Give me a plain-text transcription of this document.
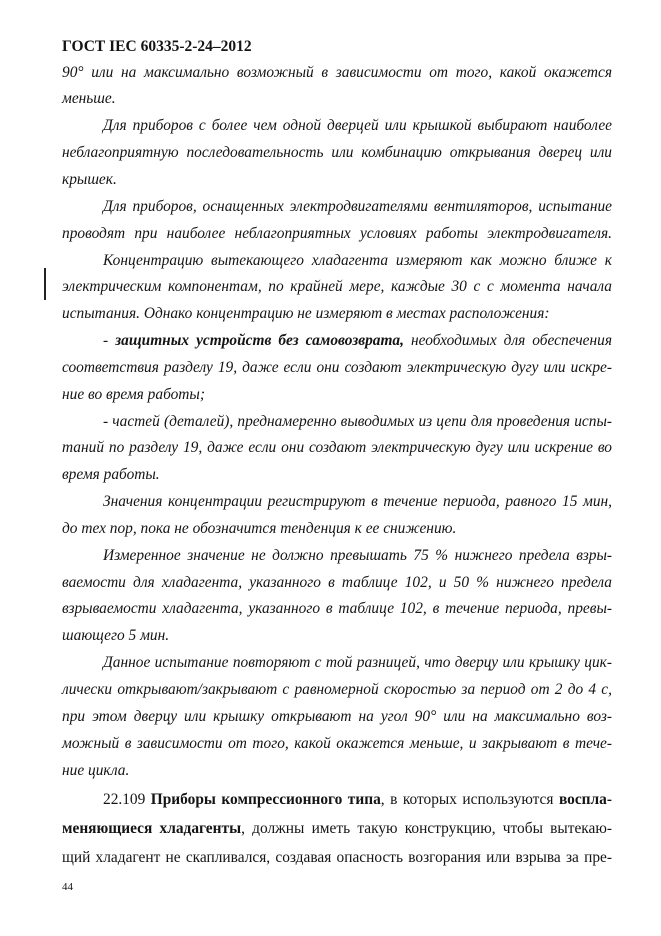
ГОСТ IEC 60335-2-24–2012
90° или на максимально возможный в зависимости от того, какой окажется
меньше.
Для приборов с более чем одной дверцей или крышкой выбирают наиболее
неблагоприятную последовательность или комбинацию открывания дверец или
крышек.
Для приборов, оснащенных электродвигателями вентиляторов, испытание
проводят при наиболее неблагоприятных условиях работы электродвигателя.
Концентрацию вытекающего хладагента измеряют как можно ближе к
электрическим компонентам, по крайней мере, каждые 30 с с момента начала
испытания. Однако концентрацию не измеряют в местах расположения:
- защитных устройств без самовозврата, необходимых для обеспечения
соответствия разделу 19, даже если они создают электрическую дугу или искре-
ние во время работы;
- частей (деталей), преднамеренно выводимых из цепи для проведения испы-
таний по разделу 19, даже если они создают электрическую дугу или искрение во
время работы.
Значения концентрации регистрируют в течение периода, равного 15 мин,
до тех пор, пока не обозначится тенденция к ее снижению.
Измеренное значение не должно превышать 75 % нижнего предела взры-
ваемости для хладагента, указанного в таблице 102, и 50 % нижнего предела
взрываемости хладагента, указанного в таблице 102, в течение периода, превы-
шающего 5 мин.
Данное испытание повторяют с той разницей, что дверцу или крышку цик-
лически открывают/закрывают с равномерной скоростью за период от 2 до 4 с,
при этом дверцу или крышку открывают на угол 90° или на максимально воз-
можный в зависимости от того, какой окажется меньше, и закрывают в тече-
ние цикла.
22.109 Приборы компрессионного типа, в которых используются воспла-
меняющиеся хладагенты, должны иметь такую конструкцию, чтобы вытекаю-
щий хладагент не скапливался, создавая опасность возгорания или взрыва за пре-
44
